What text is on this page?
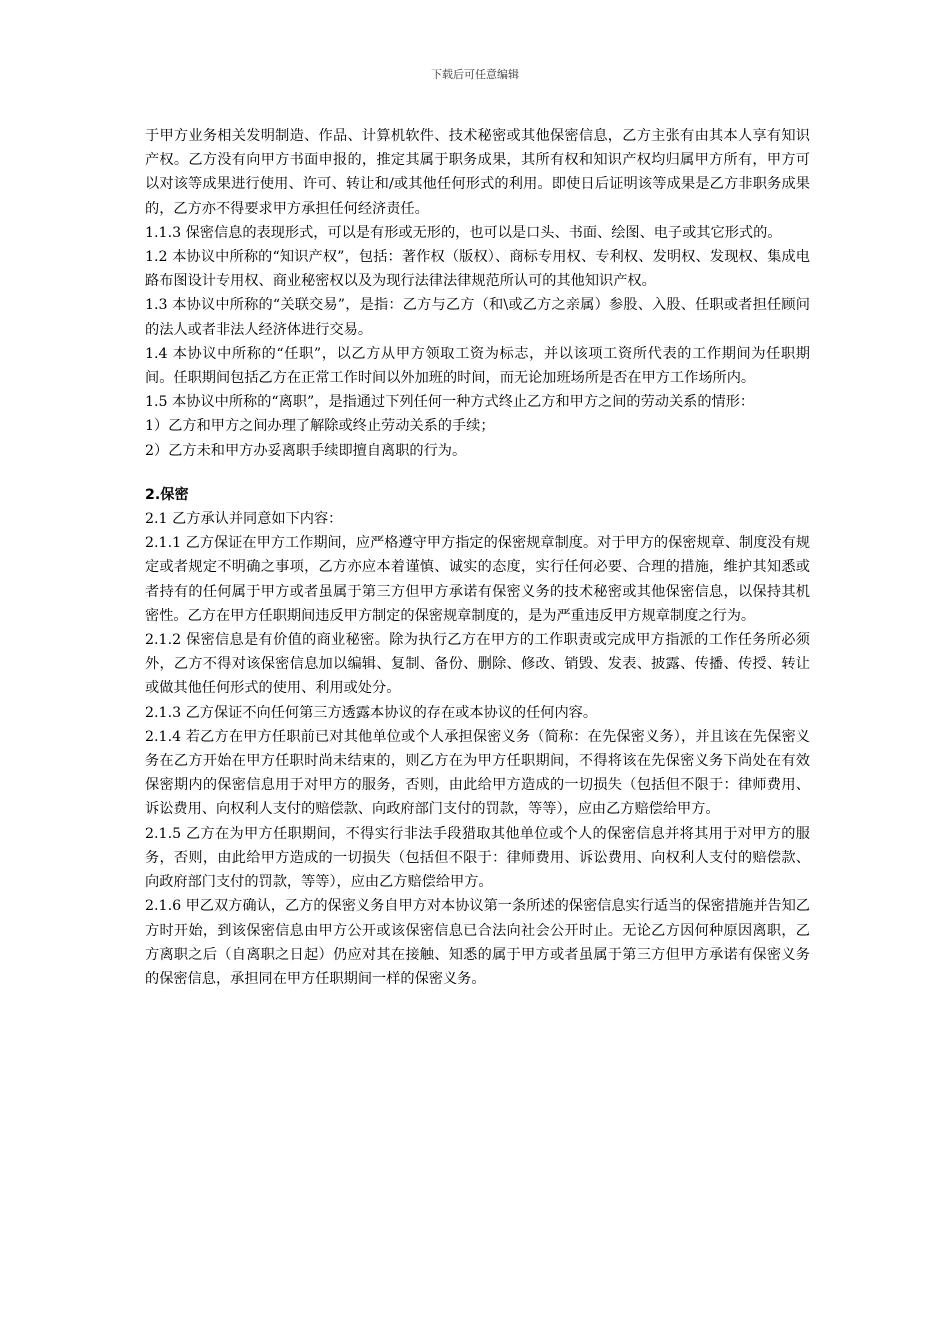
下载后可任意编辑

于甲方业务相关发明制造、作品、计算机软件、技术秘密或其他保密信息，乙方主张有由其本人享有知识产权。乙方没有向甲方书面申报的，推定其属于职务成果，其所有权和知识产权均归属甲方所有，甲方可以对该等成果进行使用、许可、转让和/或其他任何形式的利用。即使日后证明该等成果是乙方非职务成果的，乙方亦不得要求甲方承担任何经济责任。

1.1.3 保密信息的表现形式，可以是有形或无形的，也可以是口头、书面、绘图、电子或其它形式的。

1.2 本协议中所称的“知识产权”，包括：著作权（版权）、商标专用权、专利权、发明权、发现权、集成电路布图设计专用权、商业秘密权以及为现行法律法律规范所认可的其他知识产权。

1.3 本协议中所称的“关联交易”，是指：乙方与乙方（和\或乙方之亲属）参股、入股、任职或者担任顾问的法人或者非法人经济体进行交易。

1.4 本协议中所称的“任职”，以乙方从甲方领取工资为标志，并以该项工资所代表的工作期间为任职期间。任职期间包括乙方在正常工作时间以外加班的时间，而无论加班场所是否在甲方工作场所内。

1.5 本协议中所称的“离职”，是指通过下列任何一种方式终止乙方和甲方之间的劳动关系的情形：

1）乙方和甲方之间办理了解除或终止劳动关系的手续；

2）乙方未和甲方办妥离职手续即擅自离职的行为。

2.保密

2.1 乙方承认并同意如下内容：

2.1.1 乙方保证在甲方工作期间，应严格遵守甲方指定的保密规章制度。对于甲方的保密规章、制度没有规定或者规定不明确之事项，乙方亦应本着谨慎、诚实的态度，实行任何必要、合理的措施，维护其知悉或者持有的任何属于甲方或者虽属于第三方但甲方承诺有保密义务的技术秘密或其他保密信息，以保持其机密性。乙方在甲方任职期间违反甲方制定的保密规章制度的，是为严重违反甲方规章制度之行为。

2.1.2 保密信息是有价值的商业秘密。除为执行乙方在甲方的工作职责或完成甲方指派的工作任务所必须外，乙方不得对该保密信息加以编辑、复制、备份、删除、修改、销毁、发表、披露、传播、传授、转让或做其他任何形式的使用、利用或处分。

2.1.3 乙方保证不向任何第三方透露本协议的存在或本协议的任何内容。

2.1.4 若乙方在甲方任职前已对其他单位或个人承担保密义务（简称：在先保密义务），并且该在先保密义务在乙方开始在甲方任职时尚未结束的，则乙方在为甲方任职期间，不得将该在先保密义务下尚处在有效保密期内的保密信息用于对甲方的服务，否则，由此给甲方造成的一切损失（包括但不限于：律师费用、诉讼费用、向权利人支付的赔偿款、向政府部门支付的罚款，等等），应由乙方赔偿给甲方。

2.1.5 乙方在为甲方任职期间，不得实行非法手段猎取其他单位或个人的保密信息并将其用于对甲方的服务，否则，由此给甲方造成的一切损失（包括但不限于：律师费用、诉讼费用、向权利人支付的赔偿款、向政府部门支付的罚款，等等），应由乙方赔偿给甲方。

2.1.6 甲乙双方确认，乙方的保密义务自甲方对本协议第一条所述的保密信息实行适当的保密措施并告知乙方时开始，到该保密信息由甲方公开或该保密信息已合法向社会公开时止。无论乙方因何种原因离职，乙方离职之后（自离职之日起）仍应对其在接触、知悉的属于甲方或者虽属于第三方但甲方承诺有保密义务的保密信息，承担同在甲方任职期间一样的保密义务。
